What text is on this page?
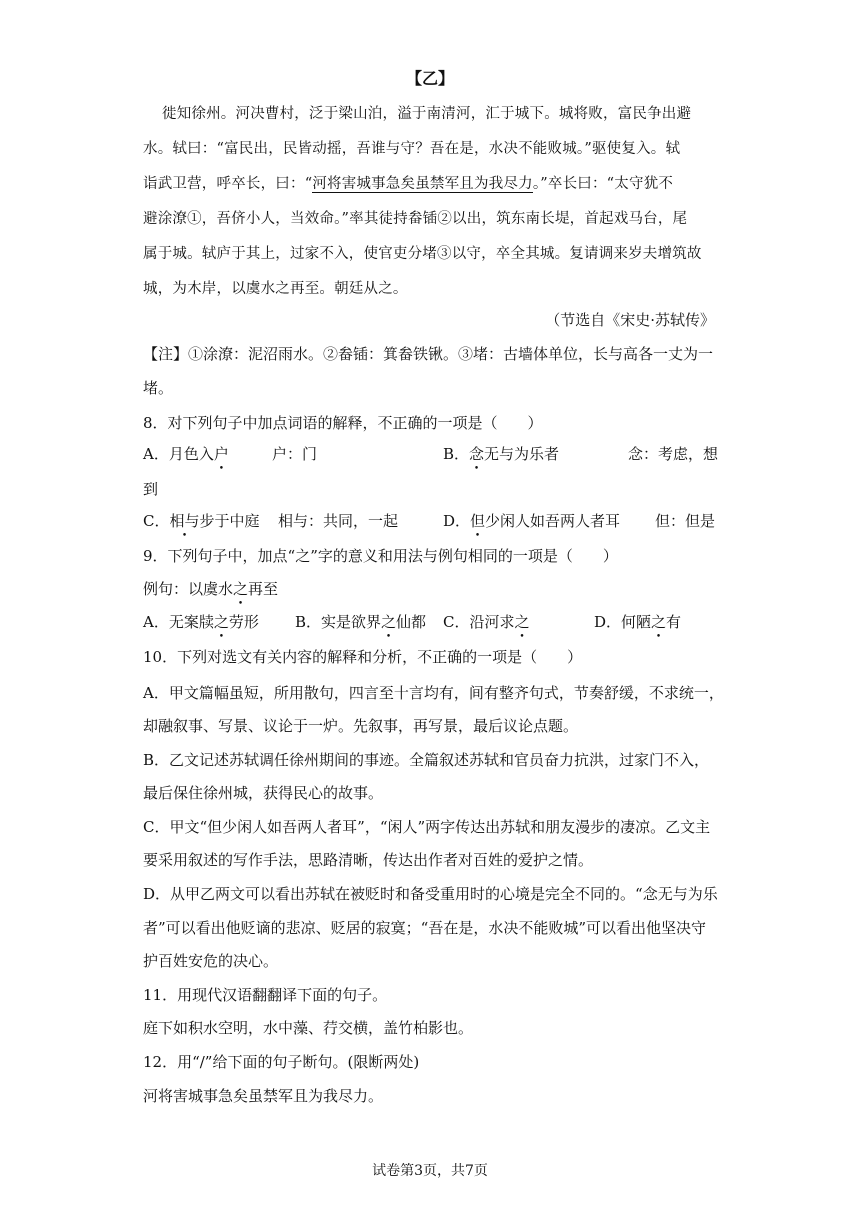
【乙】
徙知徐州。河决曹村，泛于梁山泊，溢于南清河，汇于城下。城将败，富民争出避
水。轼曰：“富民出，民皆动摇，吾谁与守？吾在是，水决不能败城。”驱使复入。轼
诣武卫营，呼卒长，曰：“河将害城事急矣虽禁军且为我尽力。”卒长曰：“太守犹不
避涂潦①，吾侪小人，当效命。”率其徒持畚锸②以出，筑东南长堤，首起戏马台，尾
属于城。轼庐于其上，过家不入，使官吏分堵③以守，卒全其城。复请调来岁夫增筑故
城，为木岸，以虞水之再至。朝廷从之。
（节选自《宋史·苏轼传》
【注】①涂潦：泥沼雨水。②畚锸：箕畚铁锹。③堵：古墙体单位，长与高各一丈为一
堵。
8．对下列句子中加点词语的解释，不正确的一项是（　　）
A．月色入户	户：门	B．念无与为乐者	念：考虑，想
到
C．相与步于中庭 相与：共同，一起	D．但少闲人如吾两人者耳 但：但是
9．下列句子中，加点“之”字的意义和用法与例句相同的一项是（　　）
例句：以虞水之再至
A．无案牍之劳形 B．实是欲界之仙都 C．沿河求之	D．何陋之有
10．下列对选文有关内容的解释和分析，不正确的一项是（　　）
A．甲文篇幅虽短，所用散句，四言至十言均有，间有整齐句式，节奏舒缓，不求统一，
却融叙事、写景、议论于一炉。先叙事，再写景，最后议论点题。
B．乙文记述苏轼调任徐州期间的事迹。全篇叙述苏轼和官员奋力抗洪，过家门不入，
最后保住徐州城，获得民心的故事。
C．甲文“但少闲人如吾两人者耳”，“闲人”两字传达出苏轼和朋友漫步的凄凉。乙文主
要采用叙述的写作手法，思路清晰，传达出作者对百姓的爱护之情。
D．从甲乙两文可以看出苏轼在被贬时和备受重用时的心境是完全不同的。“念无与为乐
者”可以看出他贬谪的悲凉、贬居的寂寞；“吾在是，水决不能败城”可以看出他坚决守
护百姓安危的决心。
11．用现代汉语翻翻译下面的句子。
庭下如积水空明，水中藻、荇交横，盖竹柏影也。
12．用“/”给下面的句子断句。(限断两处)
河将害城事急矣虽禁军且为我尽力。
试卷第3页，共7页
